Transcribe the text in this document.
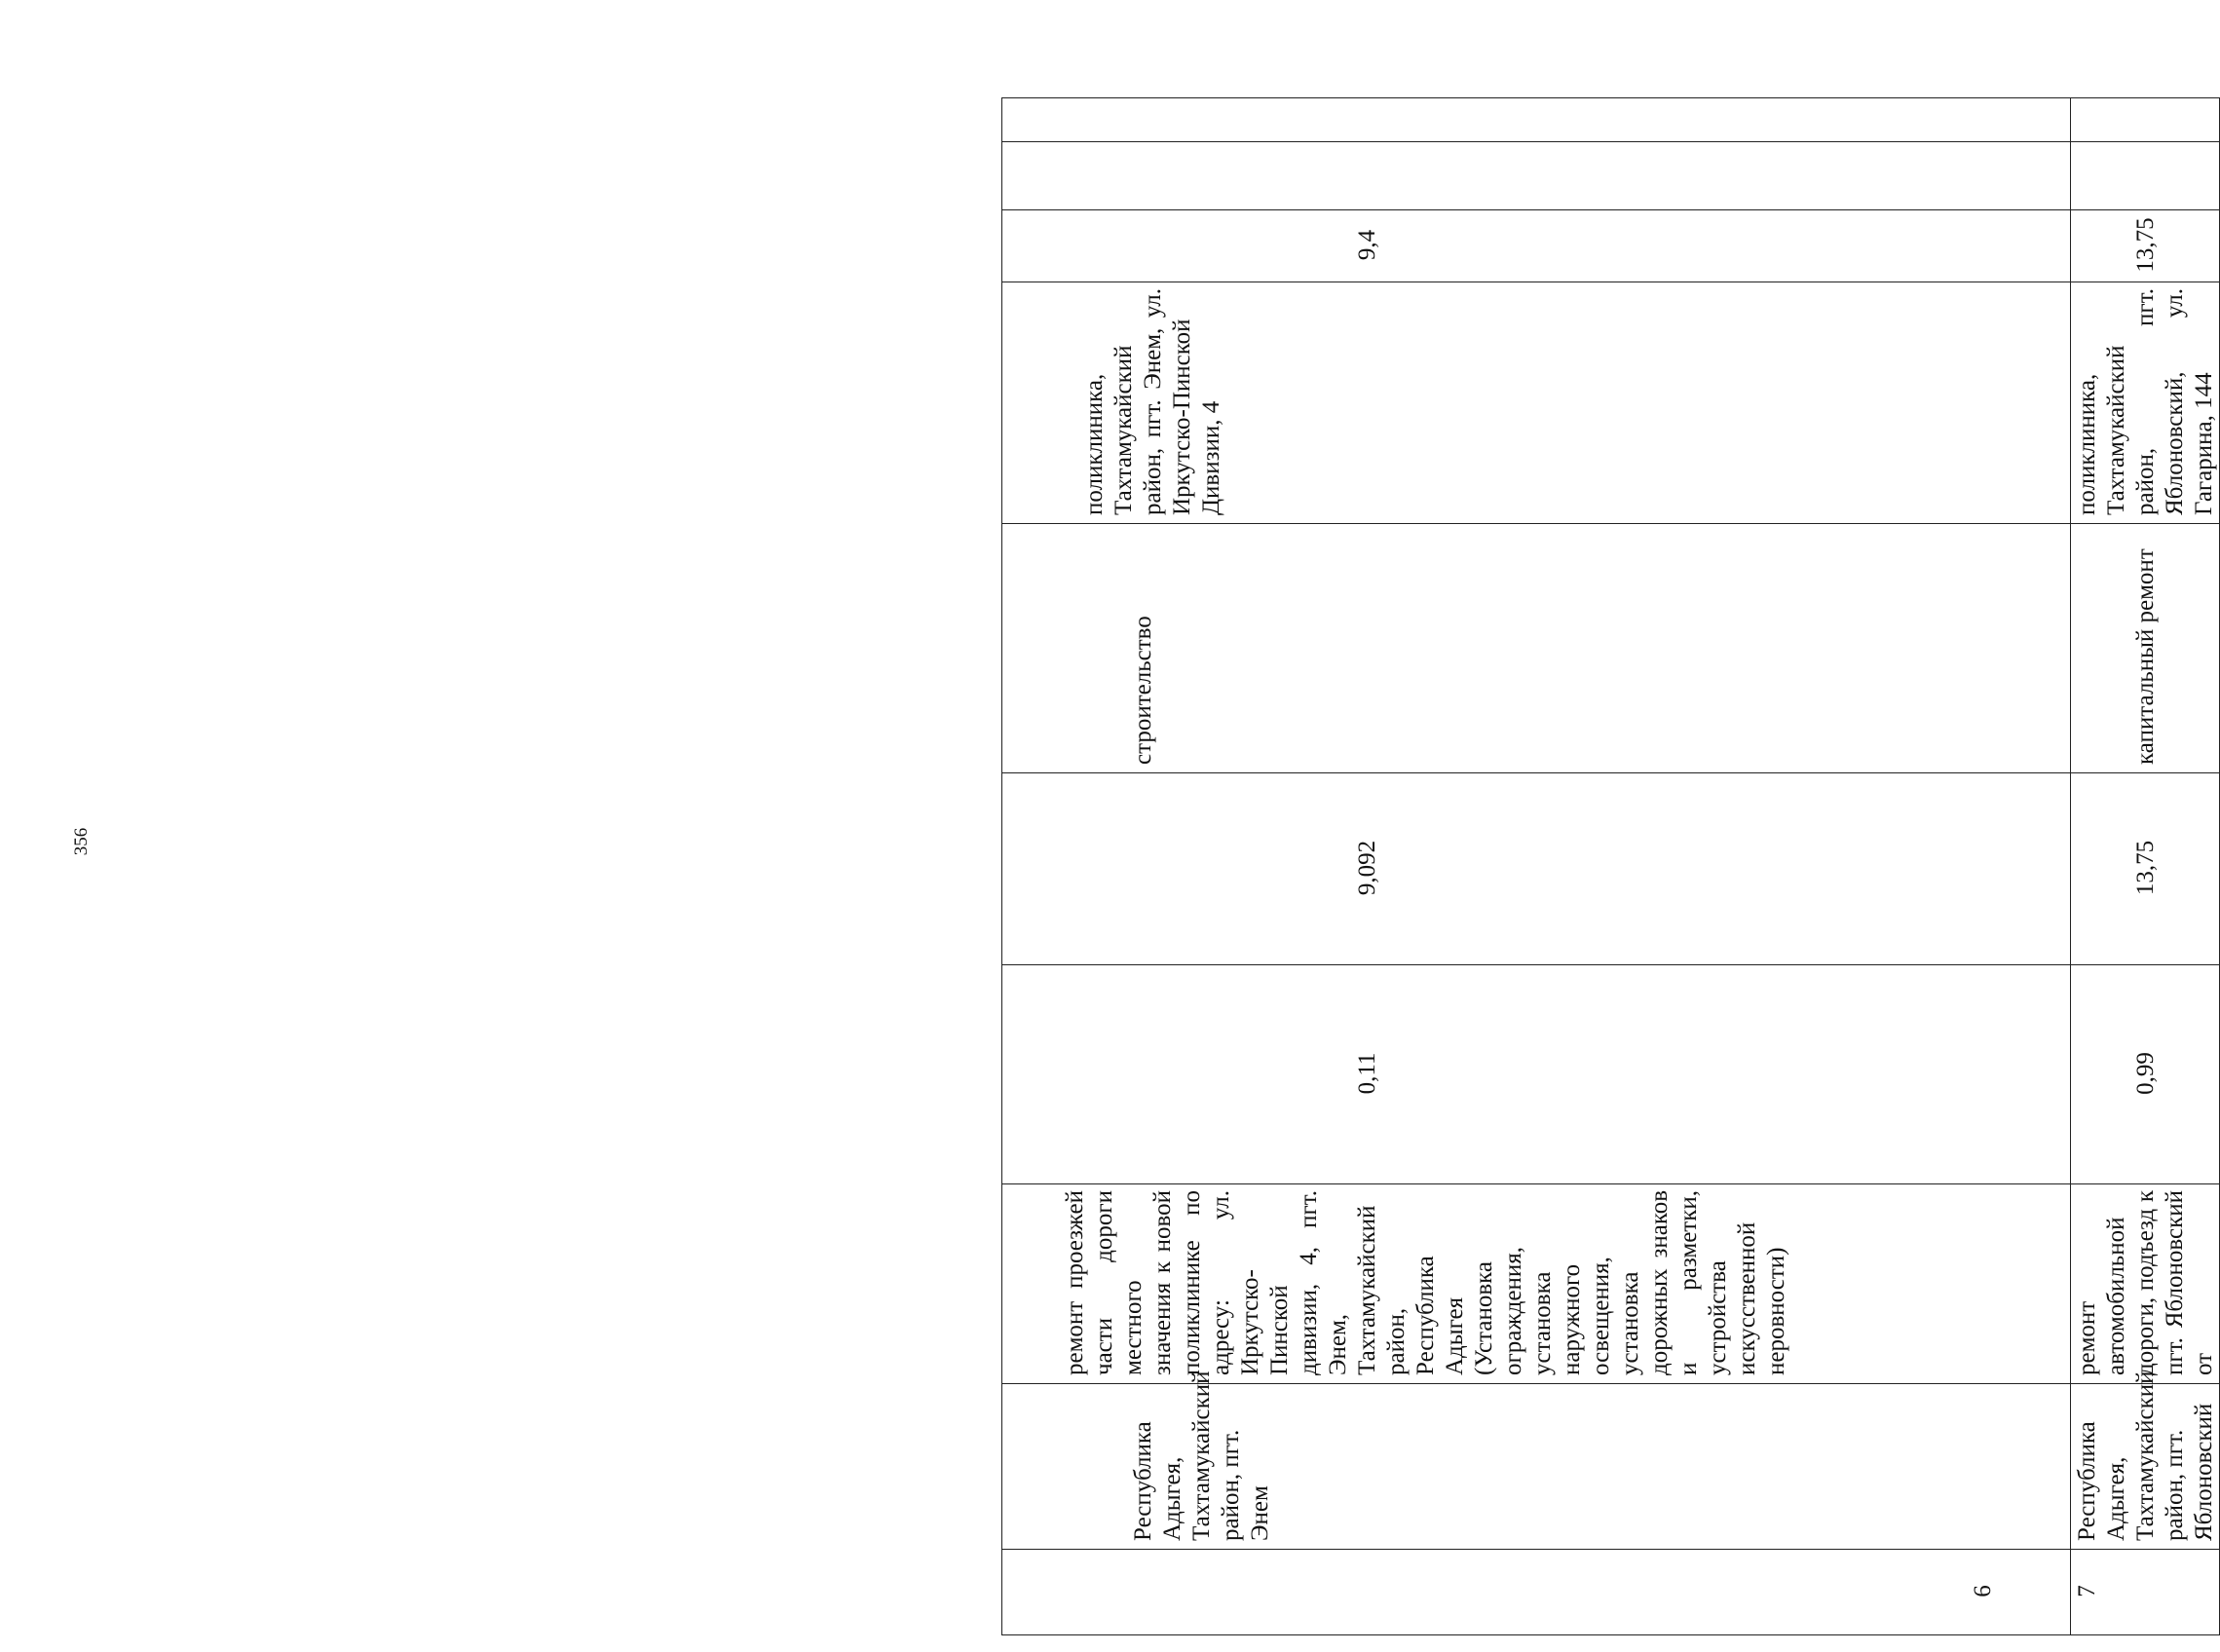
356
6	Республика Адыгея, Тахтамукайский район, пгт. Энем	ремонт проезжей части дороги местного значения к новой поликлинике по адресу: ул. Иркутско-Пинской дивизии, 4, пгт. Энем, Тахтамукайский район, Республика Адыгея (Установка ограждения, установка наружного освещения, установка дорожных знаков и разметки, устройства искусственной неровности)	0,11	9,092	строительство	поликлиника, Тахтамукайский район, пгт. Энем, ул. Иркутско-Пинской Дивизии, 4	9,4		
7	Республика Адыгея, Тахтамукайский район, пгт. Яблоновский	ремонт автомобильной дороги, подъезд к пгт. Яблоновский от	0,99	13,75	капитальный ремонт	поликлиника, Тахтамукайский район, пгт. Яблоновский, ул. Гагарина, 144	13,75		
